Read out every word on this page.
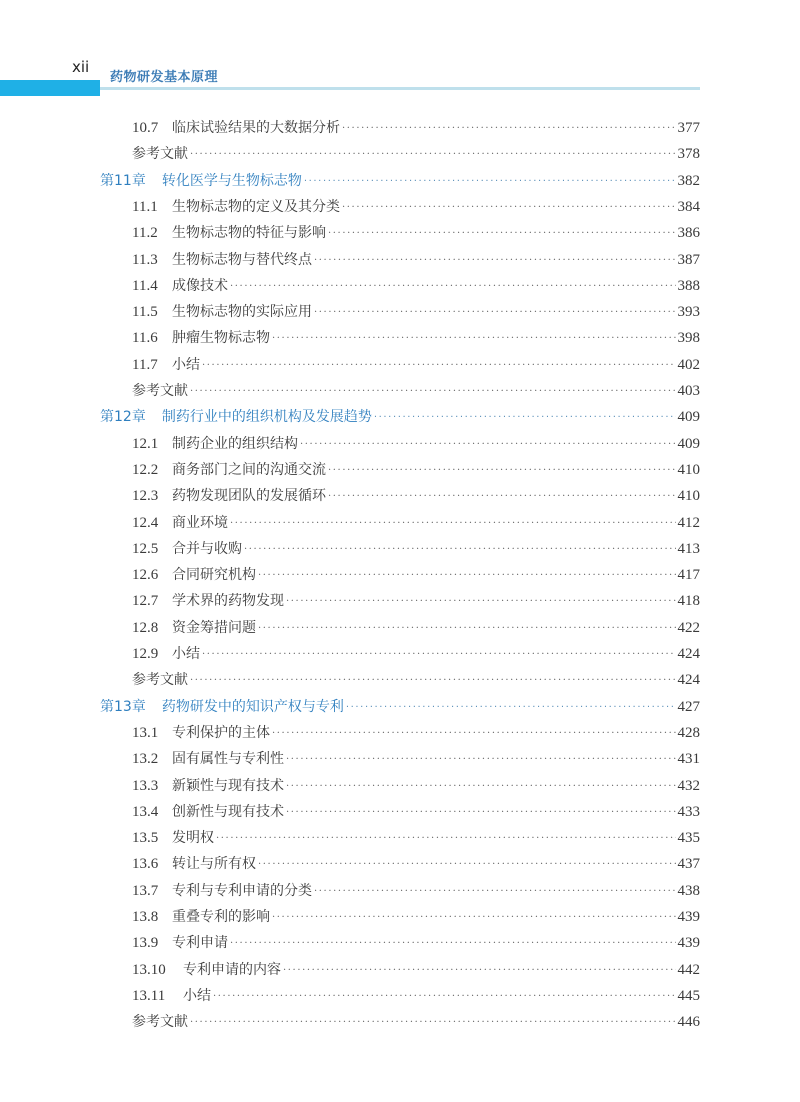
xii
药物研发基本原理
10.7 临床试验结果的大数据分析 ·····	377
参考文献 ·····	378
第11章 转化医学与生物标志物 ·····	382
11.1	生物标志物的定义及其分类 ·····	384
11.2	生物标志物的特征与影响 ·····	386
11.3	生物标志物与替代终点 ·····	387
11.4	成像技术 ·····	388
11.5	生物标志物的实际应用 ·····	393
11.6	肿瘤生物标志物 ·····	398
11.7	小结 ·····	402
参考文献 ·····	403
第12章 制药行业中的组织机构及发展趋势 ·····	409
12.1 制药企业的组织结构 ·····	409
12.2 商务部门之间的沟通交流 ·····	410
12.3 药物发现团队的发展循环 ·····	410
12.4 商业环境 ·····	412
12.5 合并与收购 ·····	413
12.6 合同研究机构 ·····	417
12.7 学术界的药物发现 ·····	418
12.8 资金筹措问题 ·····	422
12.9 小结 ·····	424
参考文献 ·····	424
第13章 药物研发中的知识产权与专利 ·····	427
13.1 专利保护的主体 ·····	428
13.2 固有属性与专利性 ·····	431
13.3 新颖性与现有技术 ·····	432
13.4 创新性与现有技术 ·····	433
13.5 发明权 ·····	435
13.6 转让与所有权 ·····	437
13.7 专利与专利申请的分类 ·····	438
13.8 重叠专利的影响 ·····	439
13.9 专利申请 ·····	439
13.10	专利申请的内容 ·····	442
13.11	小结 ·····	445
参考文献 ·····	446
